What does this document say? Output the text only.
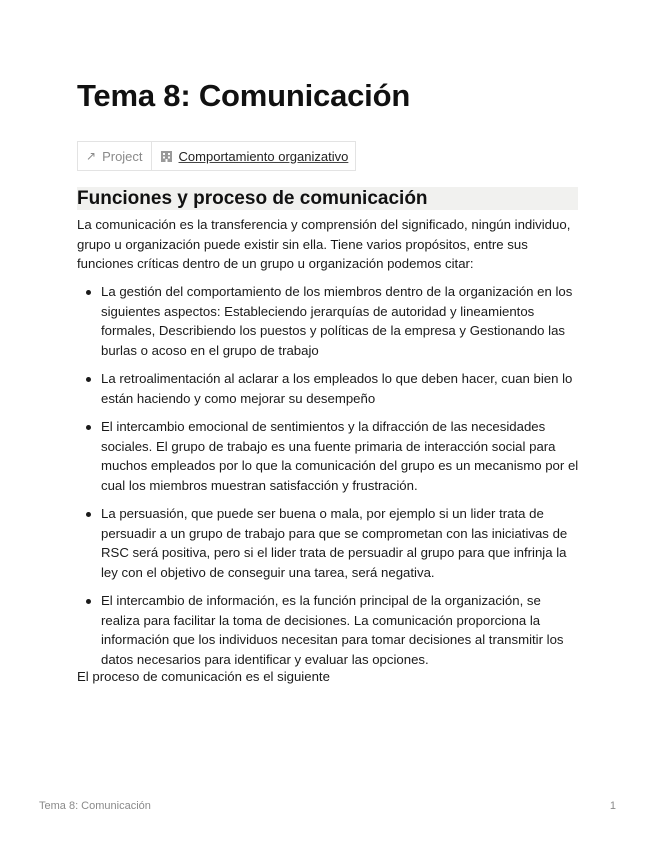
Tema 8: Comunicación
↗ Project	Comportamiento organizativo
Funciones y proceso de comunicación

La comunicación es la transferencia y comprensión del significado, ningún individuo, grupo u organización puede existir sin ella. Tiene varios propósitos, entre sus funciones críticas dentro de un grupo u organización podemos citar:

La gestión del comportamiento de los miembros dentro de la organización en los siguientes aspectos: Estableciendo jerarquías de autoridad y lineamientos formales, Describiendo los puestos y políticas de la empresa y Gestionando las burlas o acoso en el grupo de trabajo
La retroalimentación al aclarar a los empleados lo que deben hacer, cuan bien lo están haciendo y como mejorar su desempeño
El intercambio emocional de sentimientos y la difracción de las necesidades sociales. El grupo de trabajo es una fuente primaria de interacción social para muchos empleados por lo que la comunicación del grupo es un mecanismo por el cual los miembros muestran satisfacción y frustración.
La persuasión, que puede ser buena o mala, por ejemplo si un lider trata de persuadir a un grupo de trabajo para que se comprometan con las iniciativas de RSC será positiva, pero si el lider trata de persuadir al grupo para que infrinja la ley con el objetivo de conseguir una tarea, será negativa.
El intercambio de información, es la función principal de la organización, se realiza para facilitar la toma de decisiones. La comunicación proporciona la información que los individuos necesitan para tomar decisiones al transmitir los datos necesarios para identificar y evaluar las opciones.

El proceso de comunicación es el siguiente

Tema 8: Comunicación	1
